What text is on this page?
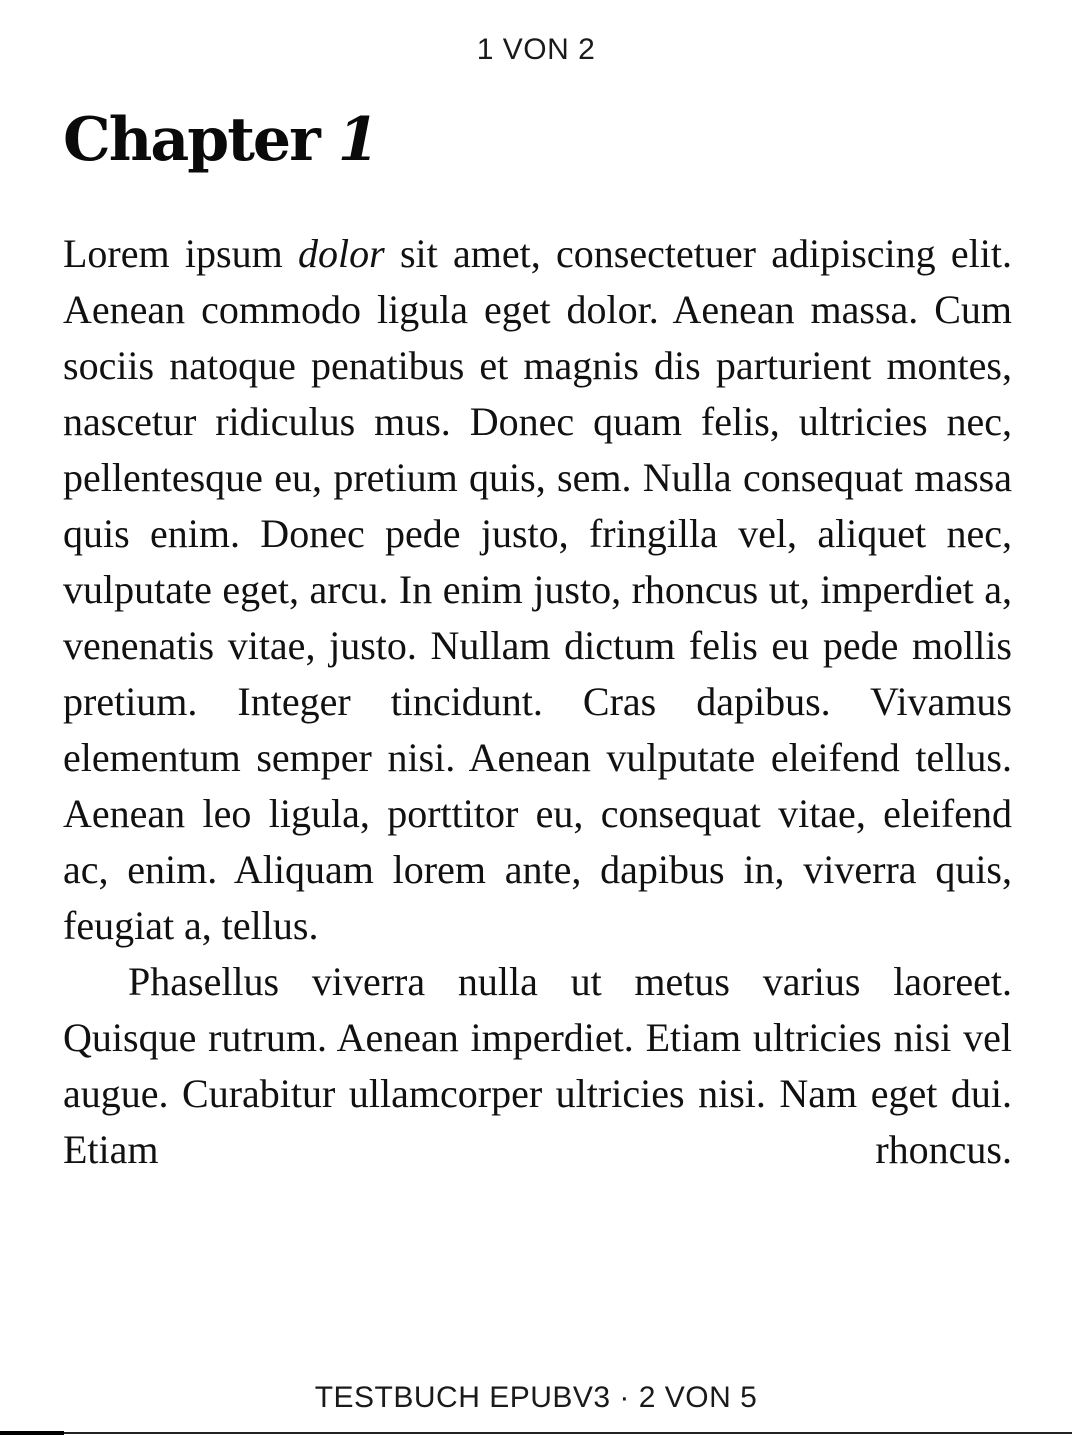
1 VON 2
Chapter 1

Lorem ipsum dolor sit amet, consectetuer adipiscing elit. Aenean commodo ligula eget dolor. Aenean massa. Cum sociis natoque penatibus et magnis dis parturient montes, nascetur ridiculus mus. Donec quam felis, ultricies nec, pellentesque eu, pretium quis, sem. Nulla consequat massa quis enim. Donec pede justo, fringilla vel, aliquet nec, vulputate eget, arcu. In enim justo, rhoncus ut, imperdiet a, venenatis vitae, justo. Nullam dictum felis eu pede mollis pretium. Integer tincidunt. Cras dapibus. Vivamus elementum semper nisi. Aenean vulputate eleifend tellus. Aenean leo ligula, porttitor eu, consequat vitae, eleifend ac, enim. Aliquam lorem ante, dapibus in, viverra quis, feugiat a, tellus.

Phasellus viverra nulla ut metus varius laoreet. Quisque rutrum. Aenean imperdiet. Etiam ultricies nisi vel augue. Curabitur ullamcorper ultricies nisi. Nam eget dui. Etiam rhoncus.

TESTBUCH EPUBV3 · 2 VON 5
